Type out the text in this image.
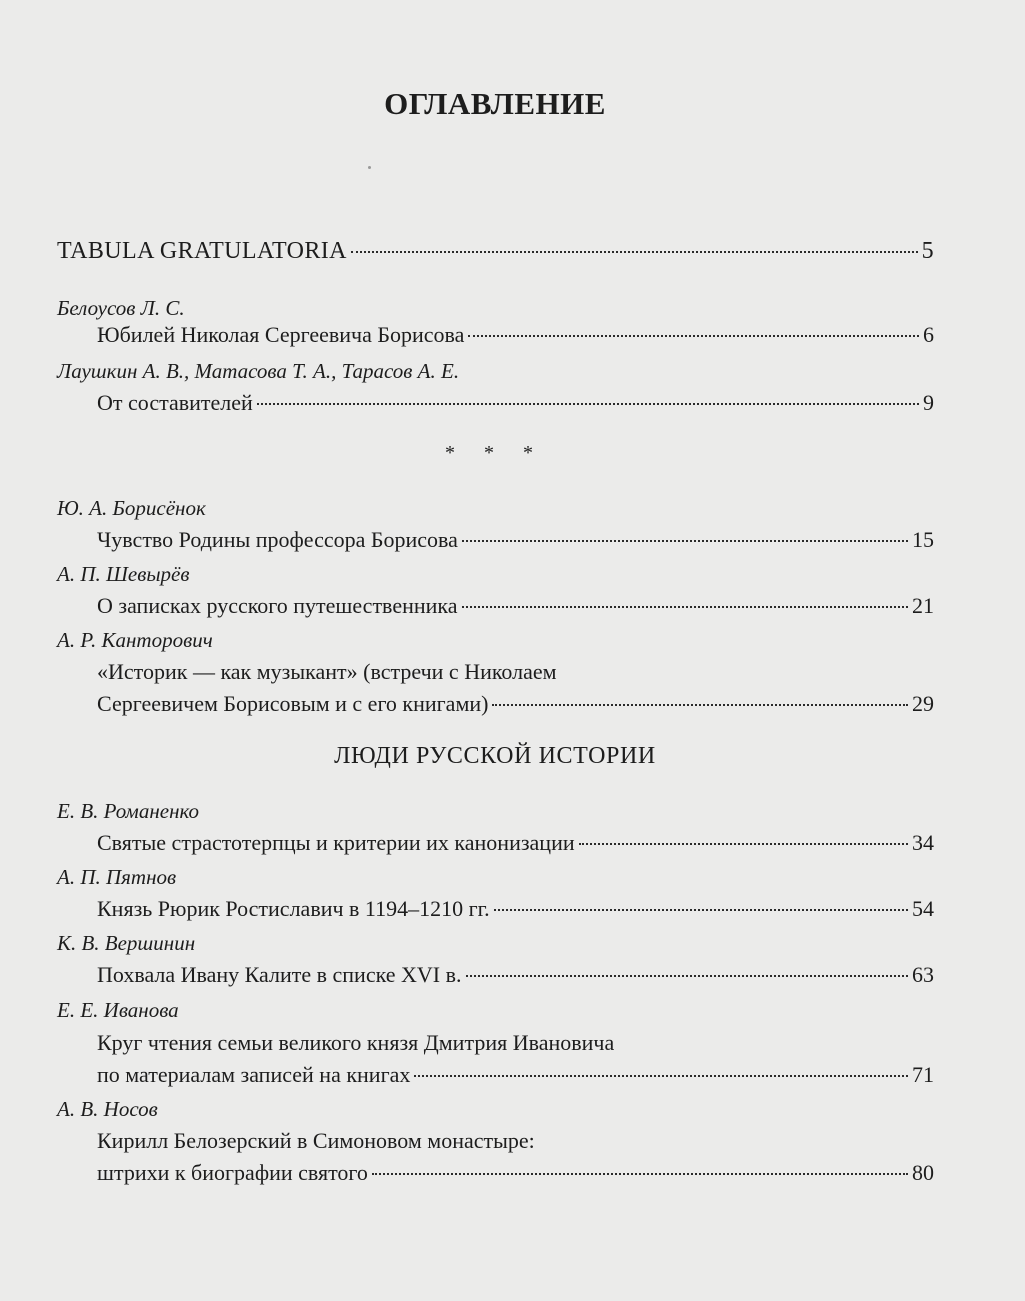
ОГЛАВЛЕНИЕ
TABULA GRATULATORIA	5
Белоусов Л. С.
Юбилей Николая Сергеевича Борисова	6
Лаушкин А. В., Матасова Т. А., Тарасов А. Е.
От составителей	9
* * *
Ю. А. Борисёнок
Чувство Родины профессора Борисова	15
А. П. Шевырёв
О записках русского путешественника	21
А. Р. Канторович
«Историк — как музыкант» (встречи с Николаем
Сергеевичем Борисовым и с его книгами)	29
ЛЮДИ РУССКОЙ ИСТОРИИ
Е. В. Романенко
Святые страстотерпцы и критерии их канонизации	34
А. П. Пятнов
Князь Рюрик Ростиславич в 1194–1210 гг.	54
К. В. Вершинин
Похвала Ивану Калите в списке XVI в.	63
Е. Е. Иванова
Круг чтения семьи великого князя Дмитрия Ивановича
по материалам записей на книгах	71
А. В. Носов
Кирилл Белозерский в Симоновом монастыре:
штрихи к биографии святого	80
